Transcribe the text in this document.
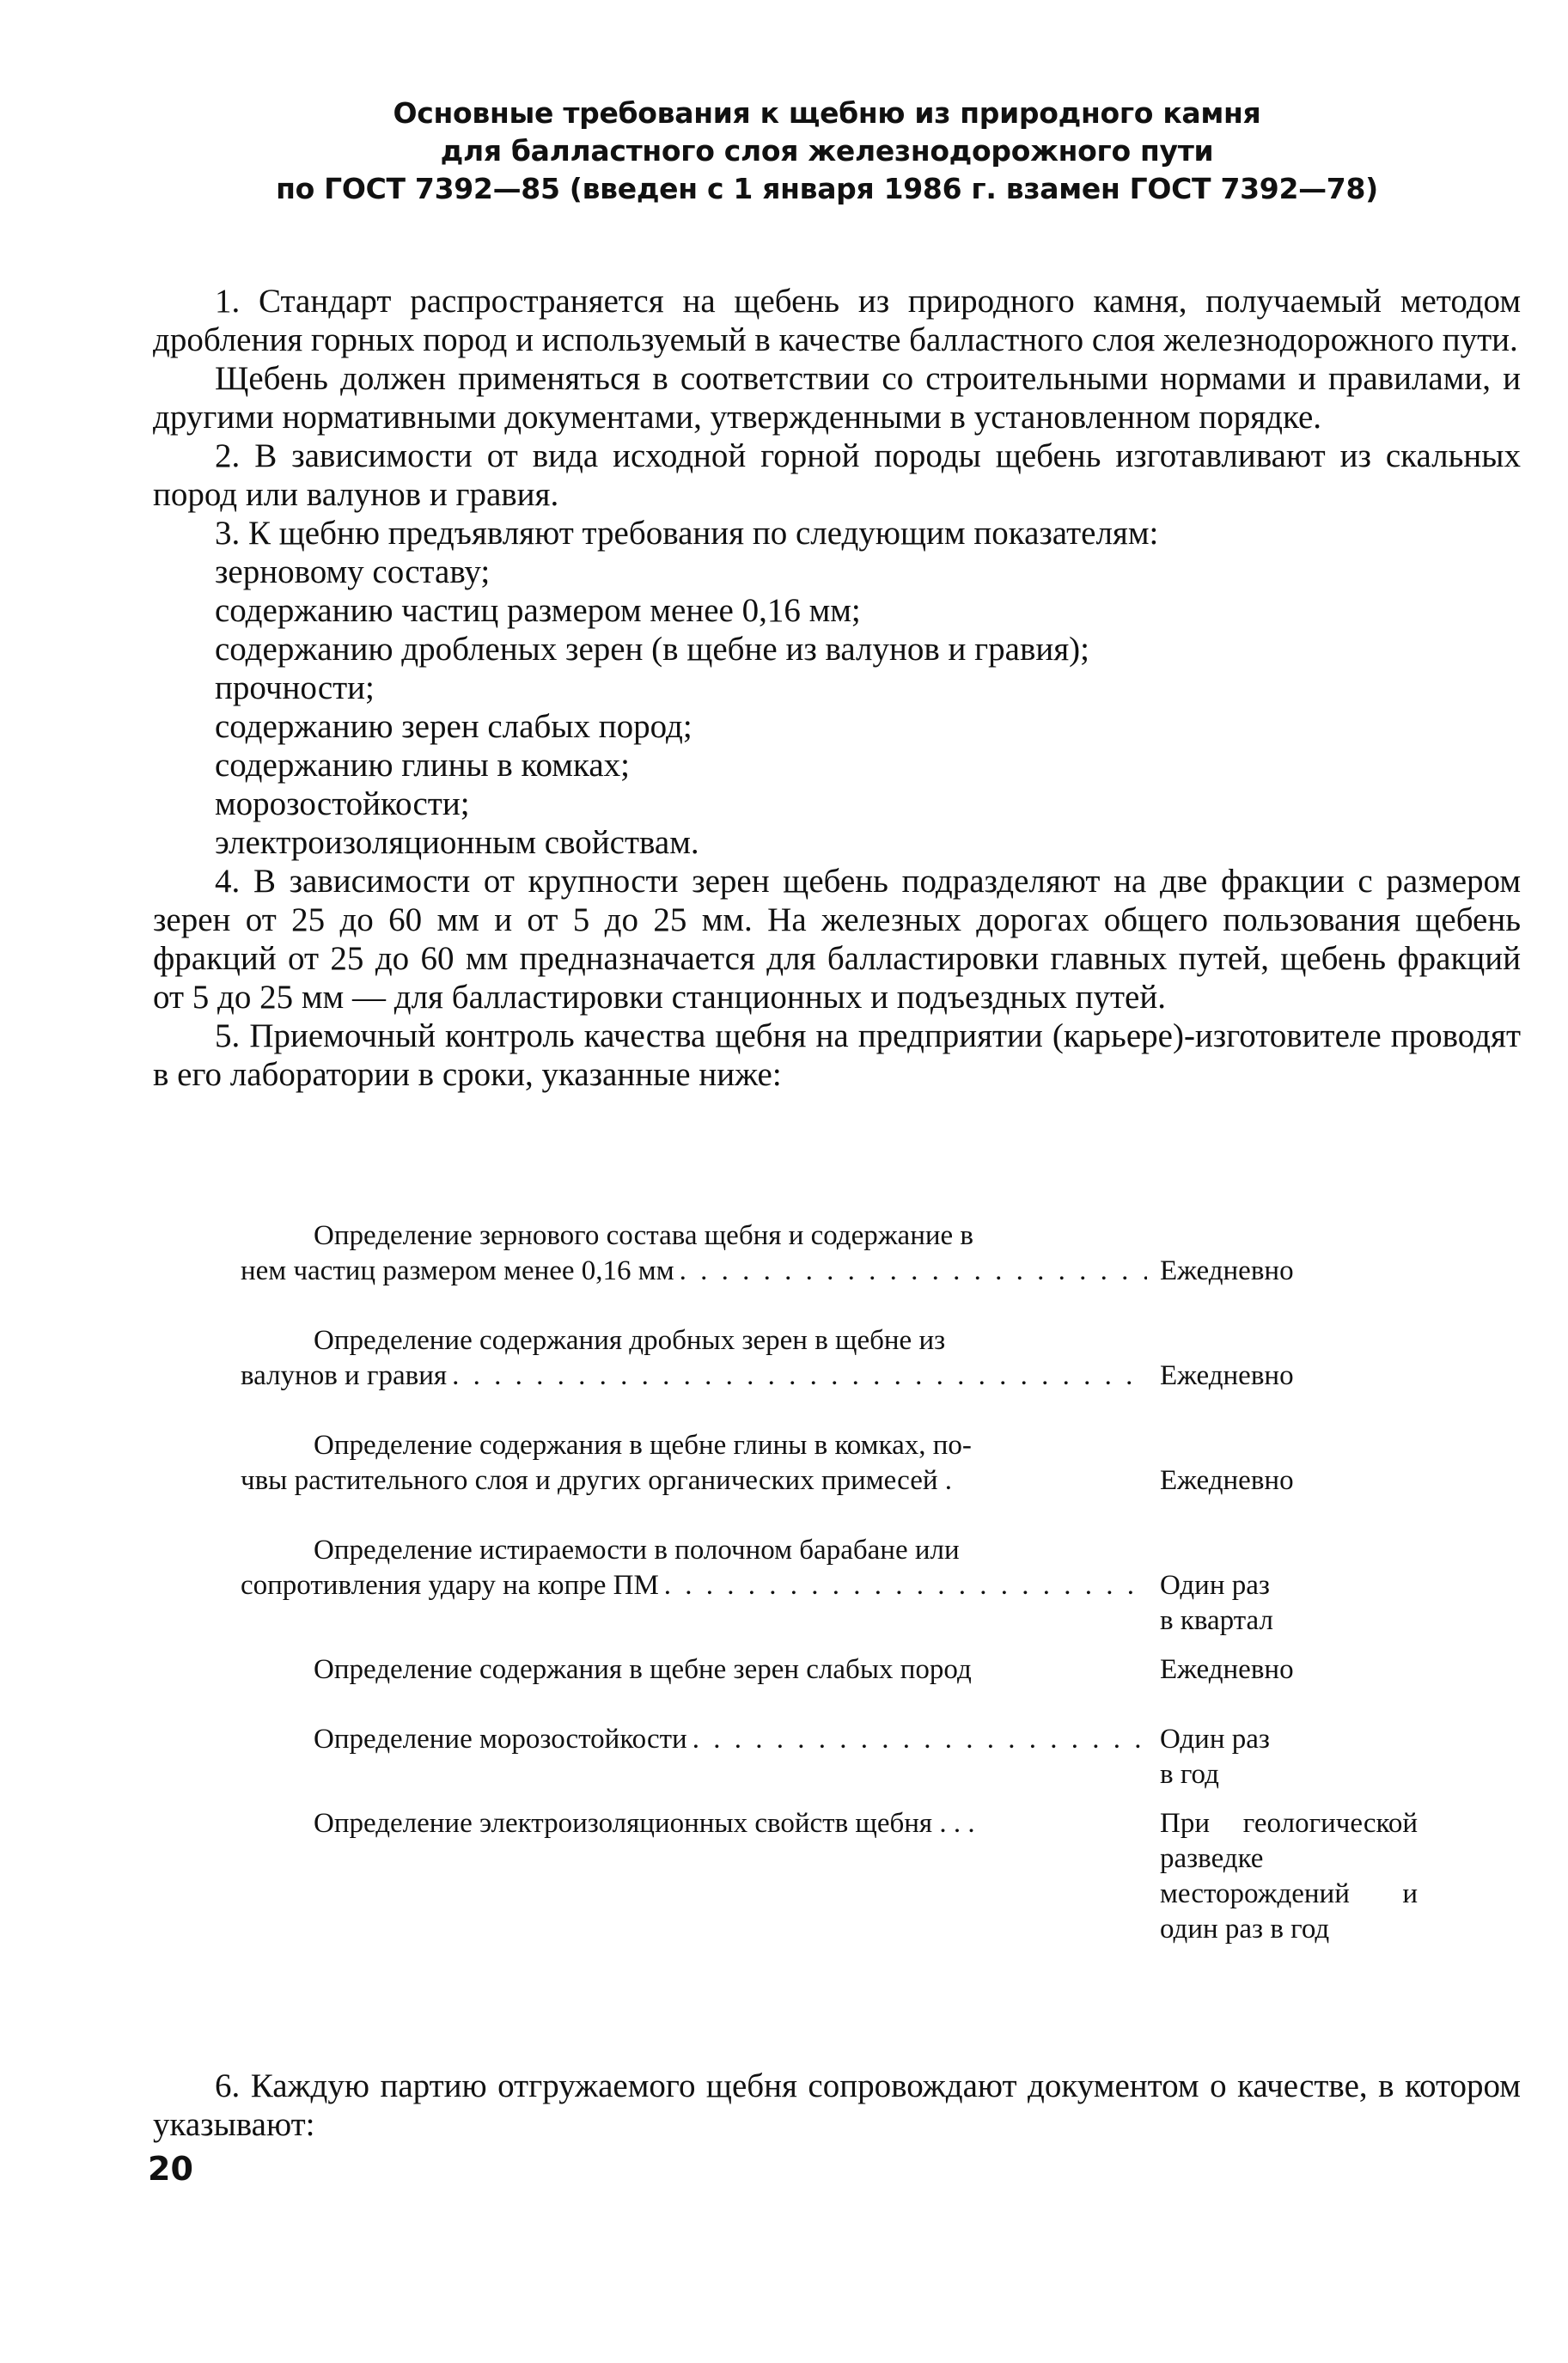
Основные требования к щебню из природного камня
для балластного слоя железнодорожного пути
по ГОСТ 7392—85 (введен с 1 января 1986 г. взамен ГОСТ 7392—78)

1. Стандарт распространяется на щебень из природного камня, получаемый методом дробления горных пород и используемый в качестве балластного слоя железнодорожного пути.

Щебень должен применяться в соответствии со строительными нормами и правилами, и другими нормативными документами, утвержденными в установленном порядке.

2. В зависимости от вида исходной горной породы щебень изготавливают из скальных пород или валунов и гравия.

3. К щебню предъявляют требования по следующим показателям:

зерновому составу;

содержанию частиц размером менее 0,16 мм;

содержанию дробленых зерен (в щебне из валунов и гравия);

прочности;

содержанию зерен слабых пород;

содержанию глины в комках;

морозостойкости;

электроизоляционным свойствам.

4. В зависимости от крупности зерен щебень подразделяют на две фракции с размером зерен от 25 до 60 мм и от 5 до 25 мм. На железных дорогах общего пользования щебень фракций от 25 до 60 мм предназначается для балластировки главных путей, щебень фракций от 5 до 25 мм — для балластировки станционных и подъездных путей.

5. Приемочный контроль качества щебня на предприятии (карьере)-изготовителе проводят в его лаборатории в сроки, указанные ниже:

Определение зернового состава щебня и содержание в
нем частиц размером менее 0,16 мм . . .	Ежедневно
Определение содержания дробных зерен в щебне из
валунов и гравия . . .	Ежедневно
Определение содержания в щебне глины в комках, по-
чвы растительного слоя и других органических примесей .	Ежедневно
Определение истираемости в полочном барабане или
сопротивления удару на копре ПМ . . .	Один раз
в квартал
Определение содержания в щебне зерен слабых пород	Ежедневно
Определение морозостойкости . . .	Один раз
в год
Определение электроизоляционных свойств щебня . . .	При геологической разведке месторождений и один раз в год

6. Каждую партию отгружаемого щебня сопровождают документом о качестве, в котором указывают:

20
